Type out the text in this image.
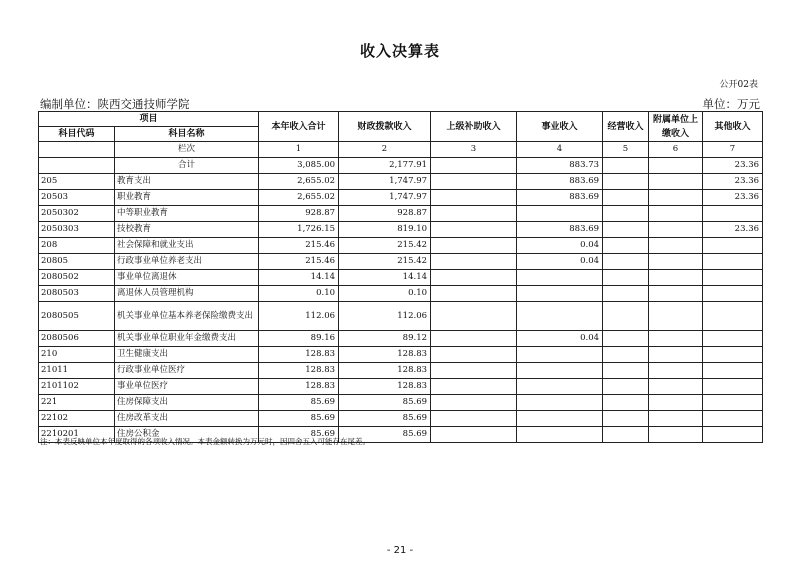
收入决算表
公开02表
编制单位：陕西交通技师学院	单位：万元
项目		本年收入合计	财政拨款收入	上级补助收入	事业收入	经营收入	附属单位上缴收入	其他收入
科目代码	科目名称							
	栏次	1	2	3	4	5	6	7
	合计	3,085.00	2,177.91		883.73			23.36
205	教育支出	2,655.02	1,747.97		883.69			23.36
20503	职业教育	2,655.02	1,747.97		883.69			23.36
2050302	中等职业教育	928.87	928.87					
2050303	技校教育	1,726.15	819.10		883.69			23.36
208	社会保障和就业支出	215.46	215.42		0.04			
20805	行政事业单位养老支出	215.46	215.42		0.04			
2080502	事业单位离退休	14.14	14.14					
2080503	离退休人员管理机构	0.10	0.10					
2080505	机关事业单位基本养老保险缴费支出	112.06	112.06					
2080506	机关事业单位职业年金缴费支出	89.16	89.12		0.04			
210	卫生健康支出	128.83	128.83					
21011	行政事业单位医疗	128.83	128.83					
2101102	事业单位医疗	128.83	128.83					
221	住房保障支出	85.69	85.69					
22102	住房改革支出	85.69	85.69					
2210201	住房公积金	85.69	85.69					
注：本表反映单位本年度取得的各项收入情况。本表金额转换为万元时，因四舍五入可能存在尾差。
- 21 -
